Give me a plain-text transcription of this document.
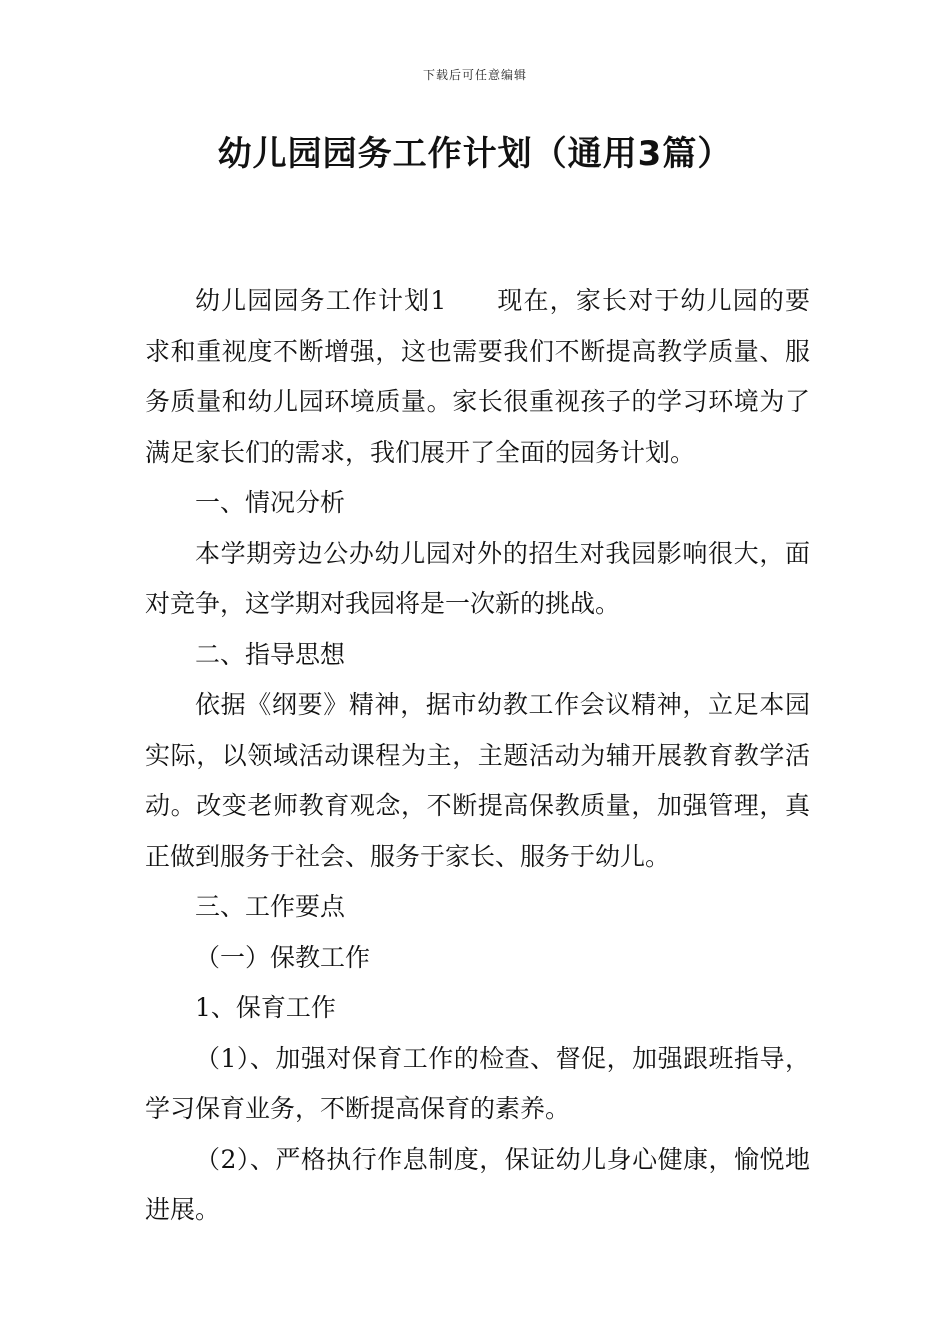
下载后可任意编辑
幼儿园园务工作计划（通用3篇）

幼儿园园务工作计划1 现在，家长对于幼儿园的要求和重视度不断增强，这也需要我们不断提高教学质量、服务质量和幼儿园环境质量。家长很重视孩子的学习环境为了满足家长们的需求，我们展开了全面的园务计划。

一、情况分析

本学期旁边公办幼儿园对外的招生对我园影响很大，面对竞争，这学期对我园将是一次新的挑战。

二、指导思想

依据《纲要》精神，据市幼教工作会议精神，立足本园实际，以领域活动课程为主，主题活动为辅开展教育教学活动。改变老师教育观念，不断提高保教质量，加强管理，真正做到服务于社会、服务于家长、服务于幼儿。

三、工作要点

（一）保教工作

1、保育工作

（1）、加强对保育工作的检查、督促，加强跟班指导，学习保育业务，不断提高保育的素养。

（2）、严格执行作息制度，保证幼儿身心健康，愉悦地进展。
